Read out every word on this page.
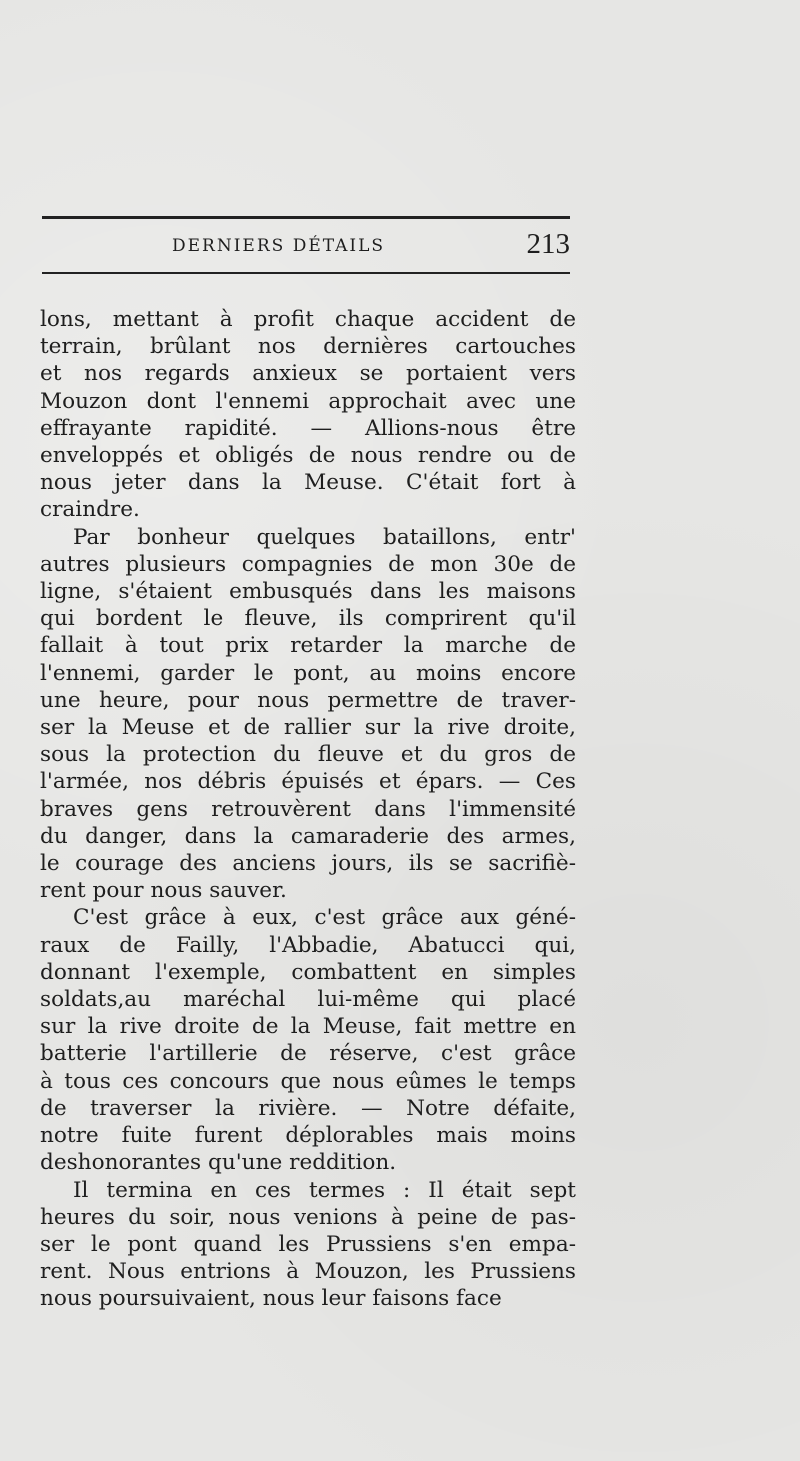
DERNIERS DÉTAILS	213

lons, mettant à profit chaque accident de
terrain, brûlant nos dernières cartouches
et nos regards anxieux se portaient vers
Mouzon dont l'ennemi approchait avec une
effrayante rapidité. — Allions-nous être
enveloppés et obligés de nous rendre ou de
nous jeter dans la Meuse. C'était fort à
craindre.

Par bonheur quelques bataillons, entr'
autres plusieurs compagnies de mon 30e de
ligne, s'étaient embusqués dans les maisons
qui bordent le fleuve, ils comprirent qu'il
fallait à tout prix retarder la marche de
l'ennemi, garder le pont, au moins encore
une heure, pour nous permettre de traver-
ser la Meuse et de rallier sur la rive droite,
sous la protection du fleuve et du gros de
l'armée, nos débris épuisés et épars. — Ces
braves gens retrouvèrent dans l'immensité
du danger, dans la camaraderie des armes,
le courage des anciens jours, ils se sacrifiè-
rent pour nous sauver.

C'est grâce à eux, c'est grâce aux géné-
raux de Failly, l'Abbadie, Abatucci qui,
donnant l'exemple, combattent en simples
soldats,au maréchal lui-même qui placé
sur la rive droite de la Meuse, fait mettre en
batterie l'artillerie de réserve, c'est grâce
à tous ces concours que nous eûmes le temps
de traverser la rivière. — Notre défaite,
notre fuite furent déplorables mais moins
deshonorantes qu'une reddition.

Il termina en ces termes : Il était sept
heures du soir, nous venions à peine de pas-
ser le pont quand les Prussiens s'en empa-
rent. Nous entrions à Mouzon, les Prussiens
nous poursuivaient, nous leur faisons face
